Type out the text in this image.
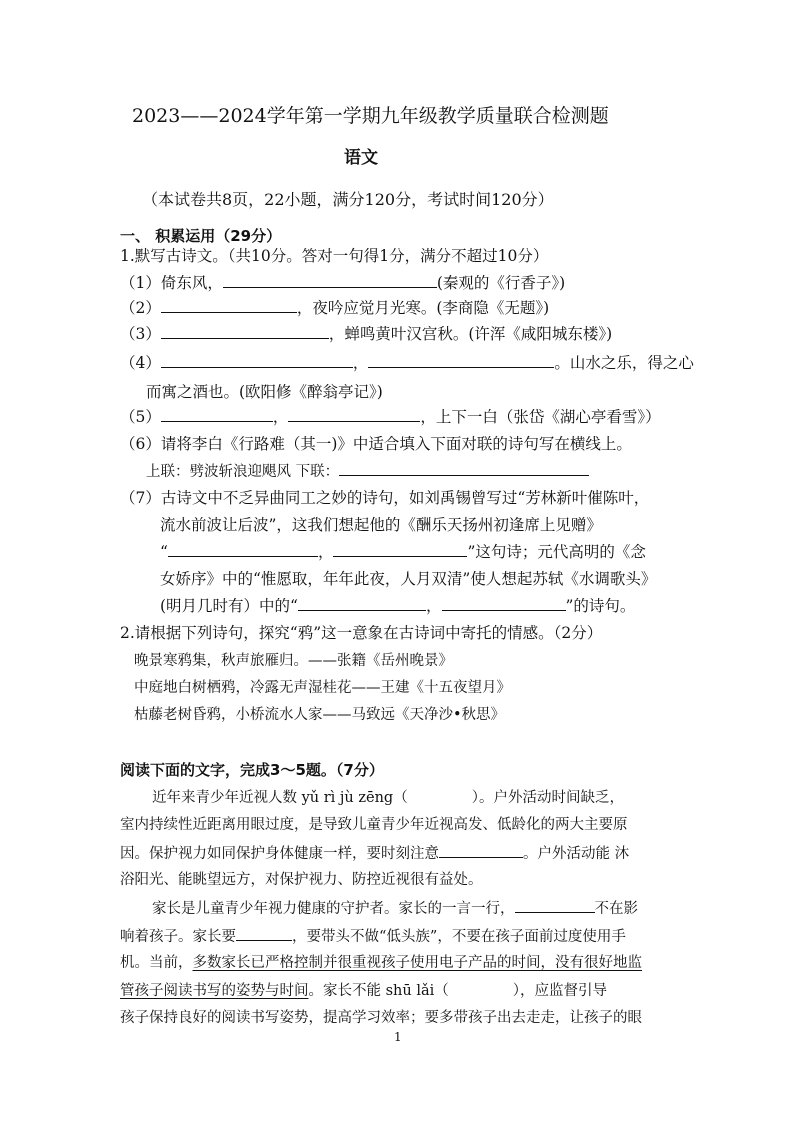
2023——2024学年第一学期九年级教学质量联合检测题
语文
（本试卷共8页，22小题，满分120分，考试时间120分）
一、 积累运用（29分）
1.默写古诗文。（共10分。答对一句得1分，满分不超过10分）
（1）倚东风，	(秦观的《行香子》)
（2）	，夜吟应觉月光寒。(李商隐《无题》)
（3）	，蝉鸣黄叶汉宫秋。(许浑《咸阳城东楼》)
（4）	，	。山水之乐，得之心
而寓之酒也。(欧阳修《醉翁亭记》)
（5）	，	，上下一白（张岱《湖心亭看雪》）
（6）请将李白《行路难（其一)》中适合填入下面对联的诗句写在横线上。
上联：劈波斩浪迎飓风 下联：
（7）古诗文中不乏异曲同工之妙的诗句，如刘禹锡曾写过“芳林新叶催陈叶，
流水前波让后波”，这我们想起他的《酬乐天扬州初逢席上见赠》
“	，	”这句诗；元代高明的《念
女娇序》中的“惟愿取，年年此夜，人月双清”使人想起苏轼《水调歌头》
(明月几时有）中的“	，	”的诗句。
2.请根据下列诗句，探究“鸦”这一意象在古诗词中寄托的情感。（2分）
晚景寒鸦集，秋声旅雁归。——张籍《岳州晚景》
中庭地白树栖鸦，冷露无声湿桂花——王建《十五夜望月》
枯藤老树昏鸦，小桥流水人家——马致远《天净沙•秋思》
阅读下面的文字，完成3～5题。（7分）
近年来青少年近视人数 yǔ rì jù zēng（	）。户外活动时间缺乏，
室内持续性近距离用眼过度，是导致儿童青少年近视高发、低龄化的两大主要原
因。保护视力如同保护身体健康一样，要时刻注意	。户外活动能 沐
浴阳光、能眺望远方，对保护视力、防控近视很有益处。
家长是儿童青少年视力健康的守护者。家长的一言一行，	不在影
响着孩子。家长要	，要带头不做“低头族”，不要在孩子面前过度使用手
机。当前，多数家长已严格控制并很重视孩子使用电子产品的时间，没有很好地监
管孩子阅读书写的姿势与时间。家长不能 shū lǎi（	），应监督引导
孩子保持良好的阅读书写姿势，提高学习效率；要多带孩子出去走走，让孩子的眼
1
